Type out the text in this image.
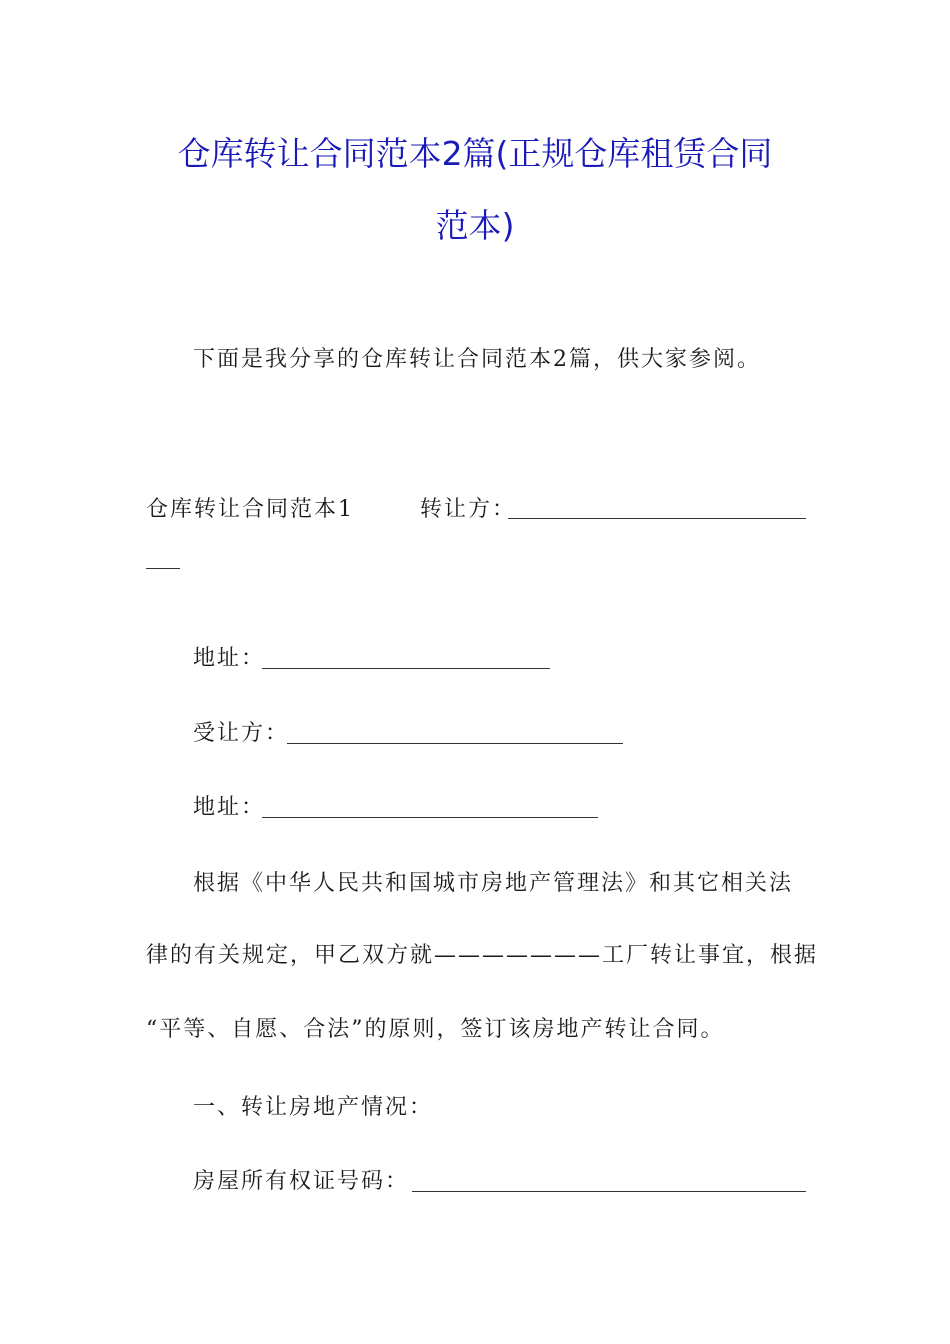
仓库转让合同范本2篇(正规仓库租赁合同
范本)
下面是我分享的仓库转让合同范本2篇，供大家参阅。
仓库转让合同范本1	转让方：
地址：
受让方：
地址：
根据《中华人民共和国城市房地产管理法》和其它相关法
律的有关规定，甲乙双方就———————工厂转让事宜，根据
“平等、自愿、合法”的原则，签订该房地产转让合同。
一、转让房地产情况：
房屋所有权证号码：
